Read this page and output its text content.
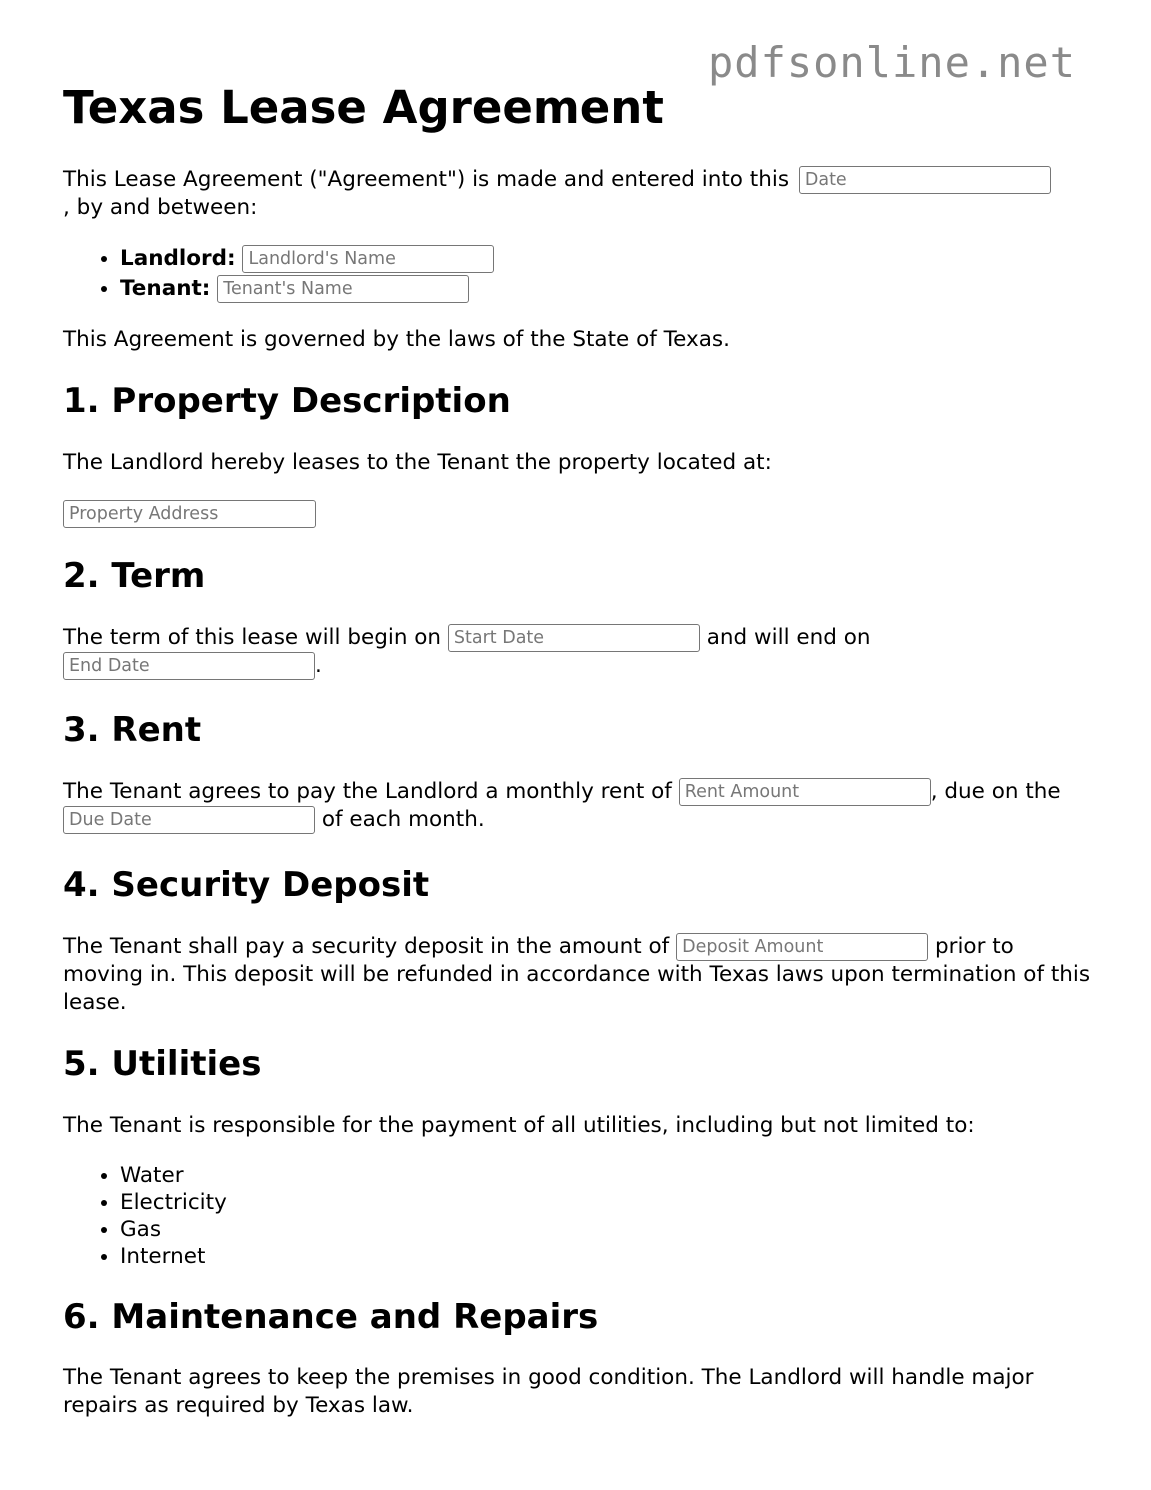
pdfsonline.net
Texas Lease Agreement

This Lease Agreement ("Agreement") is made and entered into this Date
, by and between:

• Landlord: Landlord's Name
• Tenant: Tenant's Name

This Agreement is governed by the laws of the State of Texas.

1. Property Description

The Landlord hereby leases to the Tenant the property located at:

Property Address
2. Term

The term of this lease will begin on Start Date	and will end on
End Date	.

3. Rent

The Tenant agrees to pay the Landlord a monthly rent of Rent Amount	, due on the Due Date	of each month.

4. Security Deposit

The Tenant shall pay a security deposit in the amount of Deposit Amount	prior to moving in. This deposit will be refunded in accordance with Texas laws upon termination of this lease.

5. Utilities

The Tenant is responsible for the payment of all utilities, including but not limited to:

• Water
• Electricity
• Gas
• Internet
6. Maintenance and Repairs

The Tenant agrees to keep the premises in good condition. The Landlord will handle major repairs as required by Texas law.
